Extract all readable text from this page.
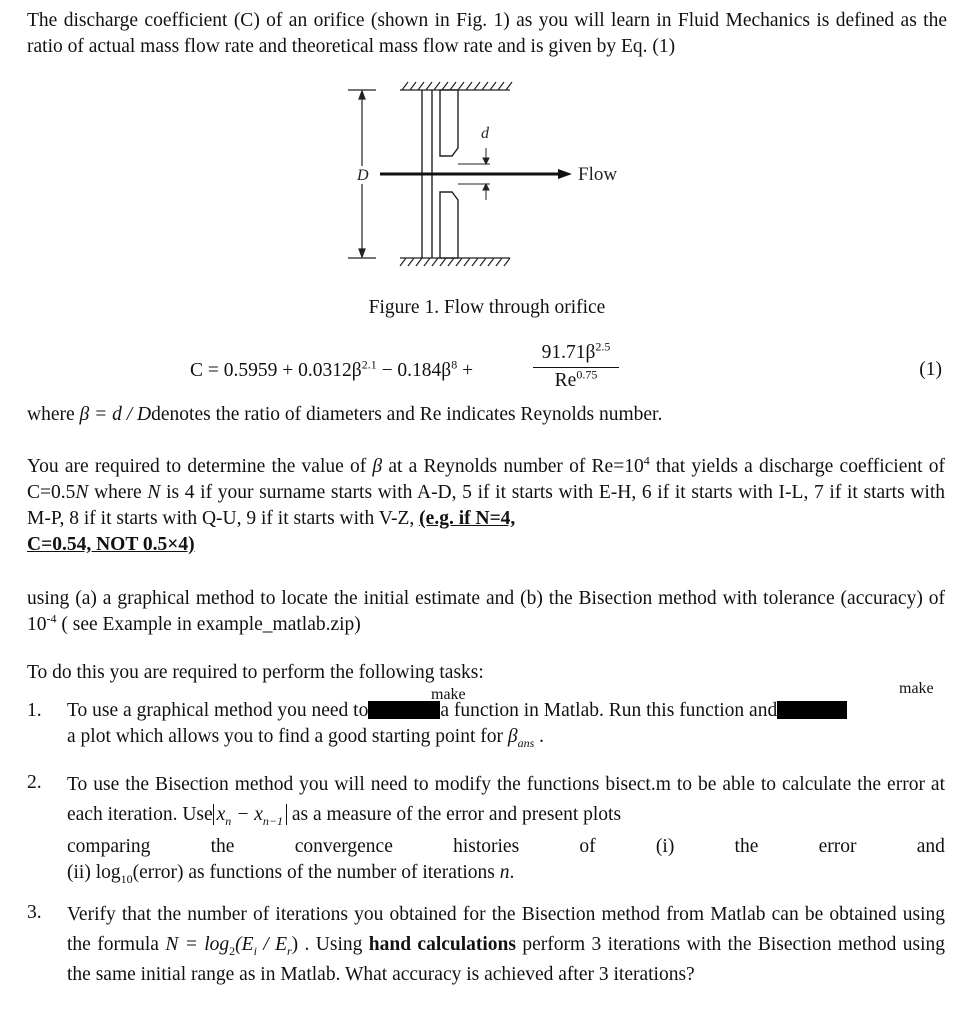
The discharge coefficient (C) of an orifice (shown in Fig. 1) as you will learn in Fluid Mechanics is defined as the ratio of actual mass flow rate and theoretical mass flow rate and is given by Eq. (1)

D
d
Flow

Figure 1. Flow through orifice

$C = 0.5959 + 0.0312\beta^{2.1} - 0.184\beta^8$ +
$91.71\beta^{2.5}$
$Re^{0.75}$	(1)

where β = d / Ddenotes the ratio of diameters and Re indicates Reynolds number.

You are required to determine the value of β at a Reynolds number of $Re=10^4$ that yields a discharge coefficient of C=0.5N where N is 4 if your surname starts with A-D, 5 if it starts with E-H, 6 if it starts with I-L, 7 if it starts with M-P, 8 if it starts with Q-U, 9 if it starts with V-Z, (e.g. if N=4,
C=0.54, NOT 0.5×4)

using (a) a graphical method to locate the initial estimate and (b) the Bisection method with tolerance (accuracy) of $10^{-4}$ ( see Example in example_matlab.zip)

To do this you are required to perform the following tasks:

1.
make	make
To use a graphical method you need to	a function in Matlab. Run this function and
a plot which allows you to find a good starting point for $\beta_{ans}$ .
2.	To use the Bisection method you will need to modify the functions bisect.m to be able to calculate the error at each iteration. Use $x_n - x_{n-1}$ as a measure of the error and present plots

comparing	the	convergence	histories	of	(i)	the	error	and
(ii) $\log_{10}(error)$ as functions of the number of iterations n.
3.	Verify that the number of iterations you obtained for the Bisection method from Matlab can be obtained using the formula $N = \log_2(E_i / E_r)$ . Using hand calculations perform 3 iterations with the Bisection method using the same initial range as in Matlab. What accuracy is achieved after 3 iterations?
